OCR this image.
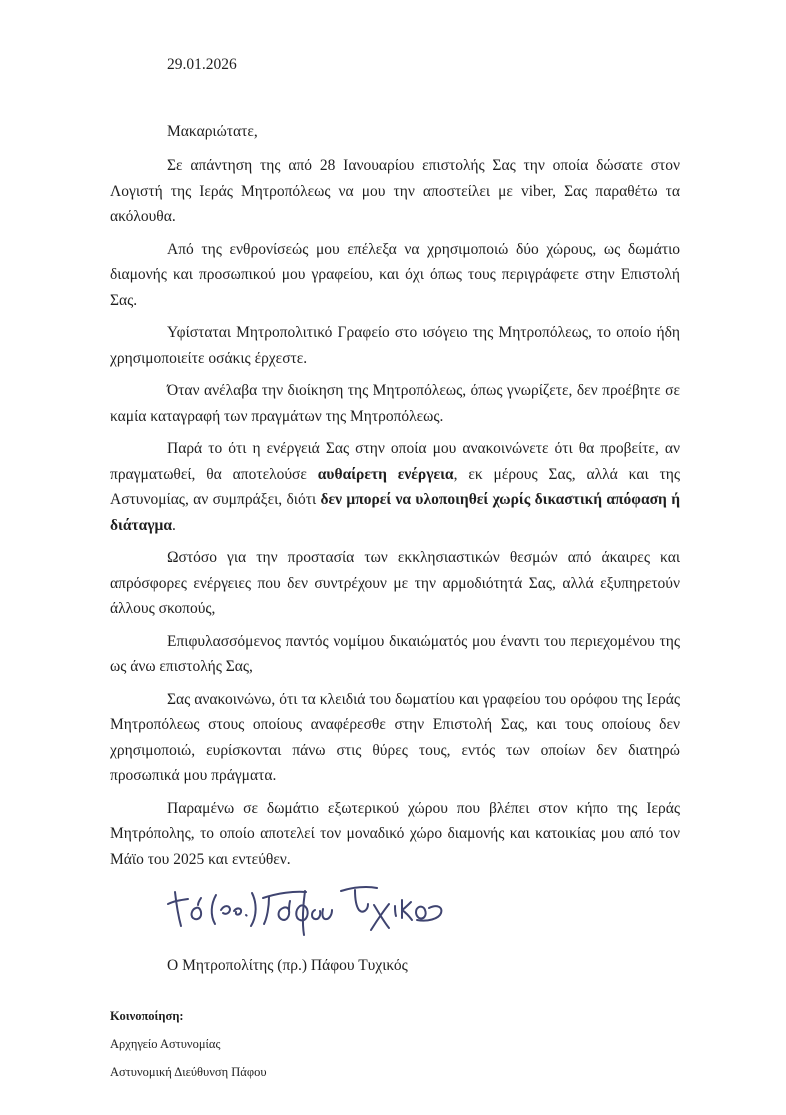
29.01.2026
Μακαριώτατε,

Σε απάντηση της από 28 Ιανουαρίου επιστολής Σας την οποία δώσατε στον Λογιστή της Ιεράς Μητροπόλεως να μου την αποστείλει με viber, Σας παραθέτω τα ακόλουθα.

Από της ενθρονίσεώς μου επέλεξα να χρησιμοποιώ δύο χώρους, ως δωμάτιο διαμονής και προσωπικού μου γραφείου, και όχι όπως τους περιγράφετε στην Επιστολή Σας.

Υφίσταται Μητροπολιτικό Γραφείο στο ισόγειο της Μητροπόλεως, το οποίο ήδη χρησιμοποιείτε οσάκις έρχεστε.

Όταν ανέλαβα την διοίκηση της Μητροπόλεως, όπως γνωρίζετε, δεν προέβητε σε καμία καταγραφή των πραγμάτων της Μητροπόλεως.

Παρά το ότι η ενέργειά Σας στην οποία μου ανακοινώνετε ότι θα προβείτε, αν πραγματωθεί, θα αποτελούσε αυθαίρετη ενέργεια, εκ μέρους Σας, αλλά και της Αστυνομίας, αν συμπράξει, διότι δεν μπορεί να υλοποιηθεί χωρίς δικαστική απόφαση ή διάταγμα.

Ωστόσο για την προστασία των εκκλησιαστικών θεσμών από άκαιρες και απρόσφορες ενέργειες που δεν συντρέχουν με την αρμοδιότητά Σας, αλλά εξυπηρετούν άλλους σκοπούς,

Επιφυλασσόμενος παντός νομίμου δικαιώματός μου έναντι του περιεχομένου της ως άνω επιστολής Σας,

Σας ανακοινώνω, ότι τα κλειδιά του δωματίου και γραφείου του ορόφου της Ιεράς Μητροπόλεως στους οποίους αναφέρεσθε στην Επιστολή Σας, και τους οποίους δεν χρησιμοποιώ, ευρίσκονται πάνω στις θύρες τους, εντός των οποίων δεν διατηρώ προσωπικά μου πράγματα.

Παραμένω σε δωμάτιο εξωτερικού χώρου που βλέπει στον κήπο της Ιεράς Μητρόπολης, το οποίο αποτελεί τον μοναδικό χώρο διαμονής και κατοικίας μου από τον Μάϊο του 2025 και εντεύθεν.

Ο Μητροπολίτης (πρ.) Πάφου Τυχικός
Κοινοποίηση:
Αρχηγείο Αστυνομίας
Αστυνομική Διεύθυνση Πάφου
